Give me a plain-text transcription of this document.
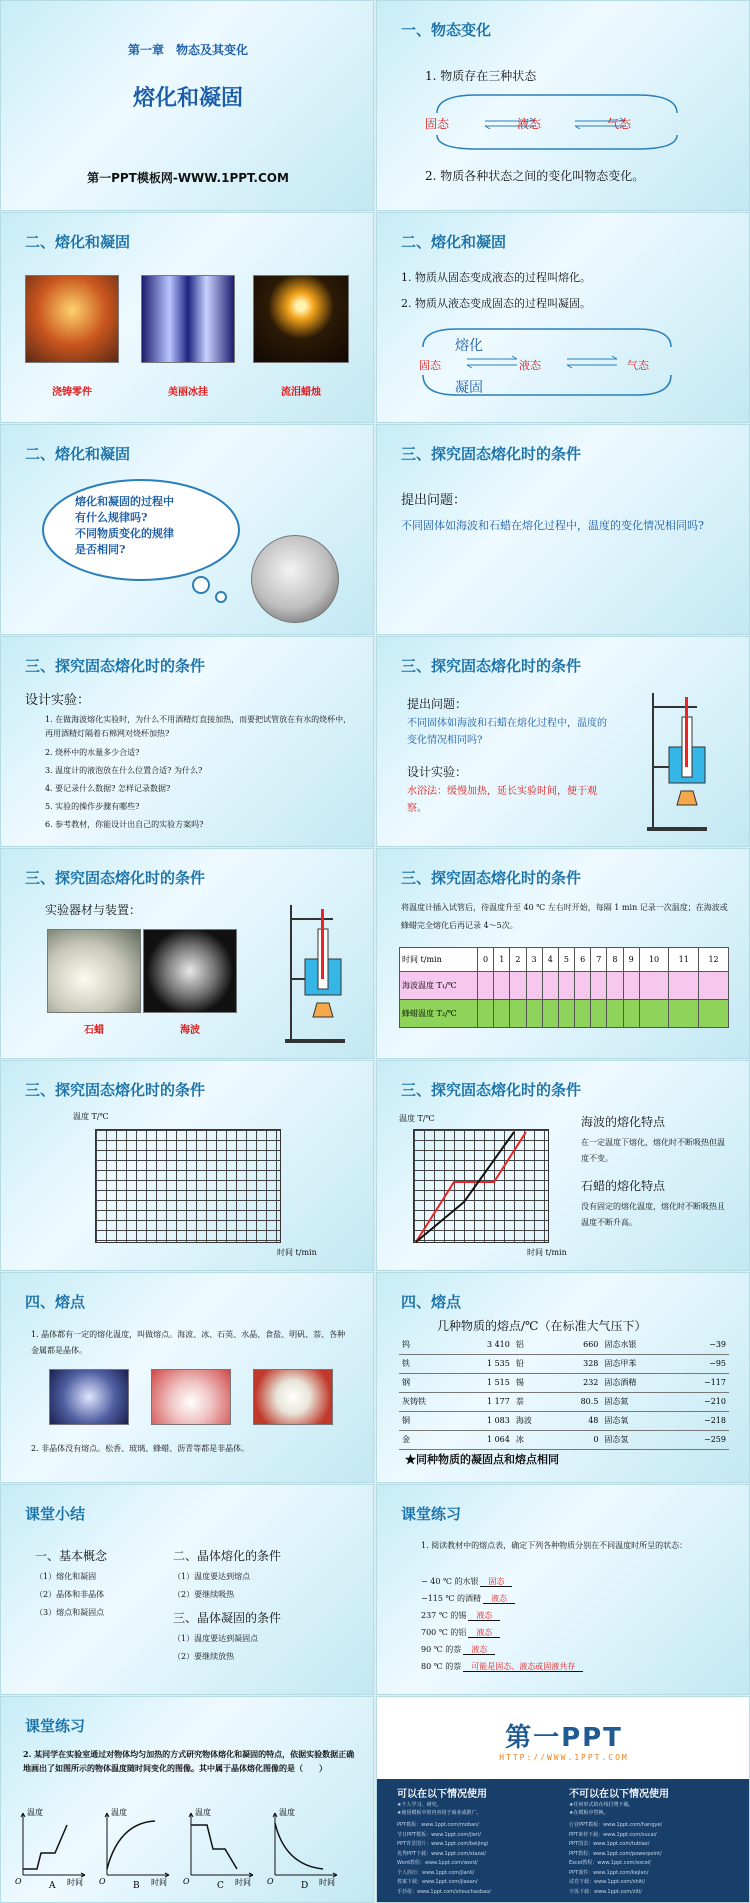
第一章　物态及其变化
熔化和凝固
第一PPT模板网-WWW.1PPT.COM
一、物态变化
1. 物质存在三种状态
固态	液态	气态
2. 物质各种状态之间的变化叫物态变化。
二、熔化和凝固
浇铸零件	美丽冰挂	流泪蜡烛
二、熔化和凝固
1. 物质从固态变成液态的过程叫熔化。
2. 物质从液态变成固态的过程叫凝固。
熔化
凝固
固态	液态	气态
二、熔化和凝固
熔化和凝固的过程中
有什么规律吗?
不同物质变化的规律
是否相同?
三、探究固态熔化时的条件
提出问题：
不同固体如海波和石蜡在熔化过程中，温度的变化情况相同吗?
三、探究固态熔化时的条件
设计实验：
1. 在做海波熔化实验时，为什么不用酒精灯直接加热，而要把试管放在有水的烧杯中，再用酒精灯隔着石棉网对烧杯加热?
2. 烧杯中的水量多少合适?
3. 温度计的液泡放在什么位置合适? 为什么?
4. 要记录什么数据? 怎样记录数据?
5. 实验的操作步骤有哪些?
6. 参考教材，你能设计出自己的实验方案吗?
三、探究固态熔化时的条件
提出问题：
不同固体如海波和石蜡在熔化过程中，温度的变化情况相同吗?
设计实验：
水浴法：缓慢加热，延长实验时间，便于观察。
三、探究固态熔化时的条件
实验器材与装置：
石蜡	海波
三、探究固态熔化时的条件
将温度计插入试管后，待温度升至 40 ℃ 左右时开始，每隔 1 min 记录一次温度；在海波或蜂蜡完全熔化后再记录 4～5次。
时间 t/min	0	1	2	3	4	5	6	7	8	9	10	11	12
海波温度 T₁/℃													
蜂蜡温度 T₂/℃													
三、探究固态熔化时的条件
温度 T/℃
时间 t/min
三、探究固态熔化时的条件
温度 T/℃
时间 t/min
海波的熔化特点
在一定温度下熔化，熔化时不断吸热但温度不变。
石蜡的熔化特点
没有固定的熔化温度，熔化时不断吸热且温度不断升高。
四、熔点
1. 晶体都有一定的熔化温度，叫做熔点。海波、冰、石英、水晶、食盐、明矾、萘、各种金属都是晶体。
2. 非晶体没有熔点。松香、玻璃、蜂蜡、沥青等都是非晶体。
四、熔点
几种物质的熔点/℃（在标准大气压下）
钨	3 410	铝	660	固态水银	−39
铁	1 535	铅	328	固态甲苯	−95
钢	1 515	锡	232	固态酒精	−117
灰铸铁	1 177	萘	80.5	固态氮	−210
铜	1 083	海波	48	固态氧	−218
金	1 064	冰	0	固态氢	−259
★同种物质的凝固点和熔点相同
课堂小结
一、基本概念
（1）熔化和凝固
（2）晶体和非晶体
（3）熔点和凝固点
二、晶体熔化的条件
（1）温度要达到熔点
（2）要继续吸热
三、晶体凝固的条件
（1）温度要达到凝固点
（2）要继续放热
课堂练习
1. 阅读教材中的熔点表，确定下列各种物质分别在不同温度时所呈的状态：
− 40 ℃ 的水银 固态
−115 ℃ 的酒精 液态
237 ℃ 的锡 液态
700 ℃ 的铝 液态
90 ℃ 的萘 液态
80 ℃ 的萘 可能是固态、液态或固液共存
课堂练习
2. 某同学在实验室通过对物体均匀加热的方式研究物体熔化和凝固的特点，依据实验数据正确地画出了如图所示的物体温度随时间变化的图像。其中属于晶体熔化图像的是（　　）
温度
时间
O	A
温度
时间
O	B
温度
时间
O	C
温度
时间
O	D
第一PPT
HTTP://WWW.1PPT.COM
可以在以下情况使用	不可以在以下情况使用
★个人学习、研究。
★使用模板中的内容用于商业或推广。
★任何形式的在线付费下载。
★在模板中替换。
PPT模板：www.1ppt.com/moban/
节日PPT模板：www.1ppt.com/jieri/
PPT背景图片：www.1ppt.com/beijing/
优秀PPT下载：www.1ppt.com/xiazai/
Word教程：www.1ppt.com/word/
个人简历：www.1ppt.com/jianli/
教案下载：www.1ppt.com/jiaoan/
手抄报：www.1ppt.com/shouchaobao/
行业PPT模板：www.1ppt.com/hangye/
PPT素材下载：www.1ppt.com/sucai/
PPT图表：www.1ppt.com/tubiao/
PPT教程：www.1ppt.com/powerpoint/
Excel教程：www.1ppt.com/excel/
PPT课件：www.1ppt.com/kejian/
试卷下载：www.1ppt.com/shiti/
字体下载：www.1ppt.com/ziti/
